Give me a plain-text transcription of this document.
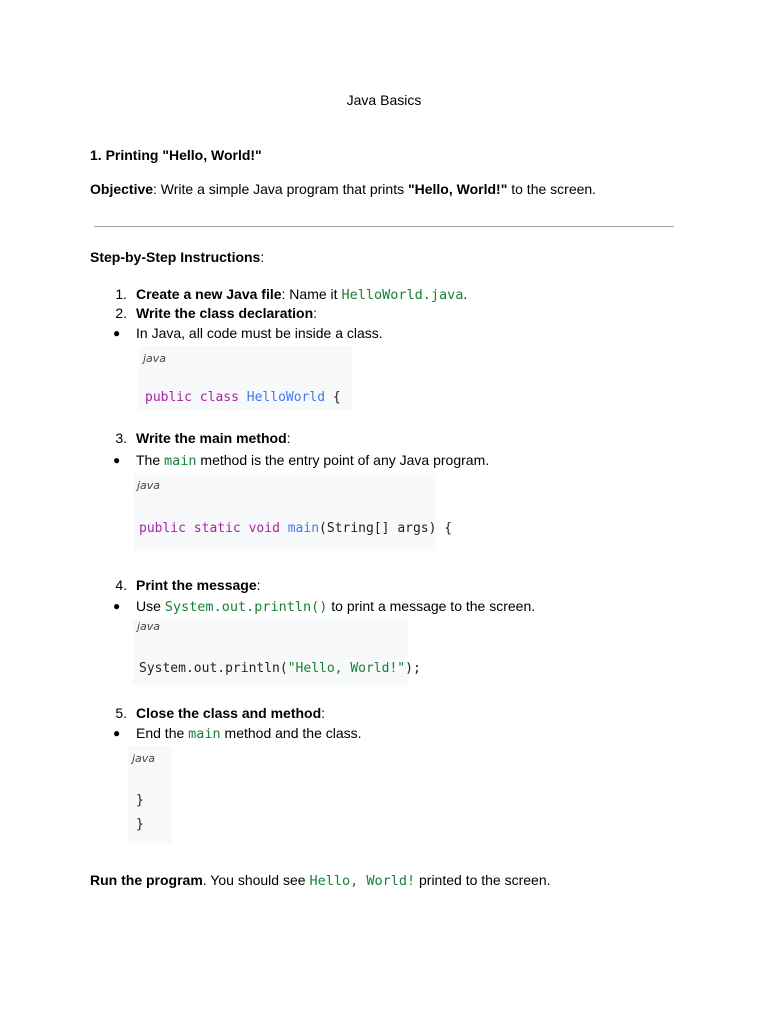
Java Basics
1. Printing "Hello, World!"
Objective: Write a simple Java program that prints "Hello, World!" to the screen.
Step-by-Step Instructions:
1. Create a new Java file: Name it HelloWorld.java.
2. Write the class declaration:
● In Java, all code must be inside a class.
java
public class HelloWorld {
3. Write the main method:
● The main method is the entry point of any Java program.
java
public static void main(String[] args) {
4. Print the message:
● Use System.out.println() to print a message to the screen.
java
System.out.println("Hello, World!");
5. Close the class and method:
● End the main method and the class.
java
}
}
Run the program. You should see Hello, World! printed to the screen.
